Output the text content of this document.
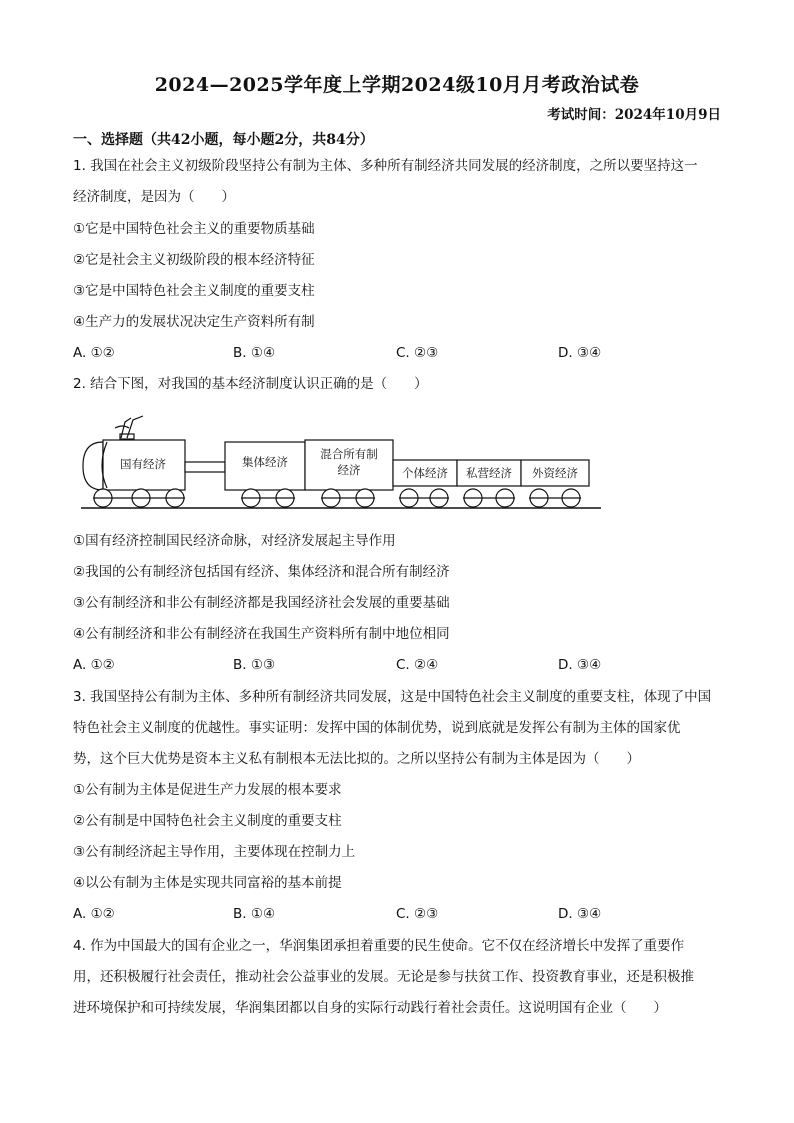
2024—2025学年度上学期2024级10月月考政治试卷
考试时间：2024年10月9日
一、选择题（共42小题，每小题2分，共84分）
1. 我国在社会主义初级阶段坚持公有制为主体、多种所有制经济共同发展的经济制度，之所以要坚持这一
经济制度，是因为（　　）
①它是中国特色社会主义的重要物质基础
②它是社会主义初级阶段的根本经济特征
③它是中国特色社会主义制度的重要支柱
④生产力的发展状况决定生产资料所有制
A. ①②	B. ①④	C. ②③	D. ③④
2. 结合下图，对我国的基本经济制度认识正确的是（　　）
国有经济	集体经济
混合所有制
经济	个体经济 私营经济 外资经济
①国有经济控制国民经济命脉，对经济发展起主导作用
②我国的公有制经济包括国有经济、集体经济和混合所有制经济
③公有制经济和非公有制经济都是我国经济社会发展的重要基础
④公有制经济和非公有制经济在我国生产资料所有制中地位相同
A. ①②	B. ①③	C. ②④	D. ③④
3. 我国坚持公有制为主体、多种所有制经济共同发展，这是中国特色社会主义制度的重要支柱，体现了中国
特色社会主义制度的优越性。事实证明：发挥中国的体制优势，说到底就是发挥公有制为主体的国家优
势，这个巨大优势是资本主义私有制根本无法比拟的。之所以坚持公有制为主体是因为（　　）
①公有制为主体是促进生产力发展的根本要求
②公有制是中国特色社会主义制度的重要支柱
③公有制经济起主导作用，主要体现在控制力上
④以公有制为主体是实现共同富裕的基本前提
A. ①②	B. ①④	C. ②③	D. ③④
4. 作为中国最大的国有企业之一，华润集团承担着重要的民生使命。它不仅在经济增长中发挥了重要作
用，还积极履行社会责任，推动社会公益事业的发展。无论是参与扶贫工作、投资教育事业，还是积极推
进环境保护和可持续发展，华润集团都以自身的实际行动践行着社会责任。这说明国有企业（　　）
